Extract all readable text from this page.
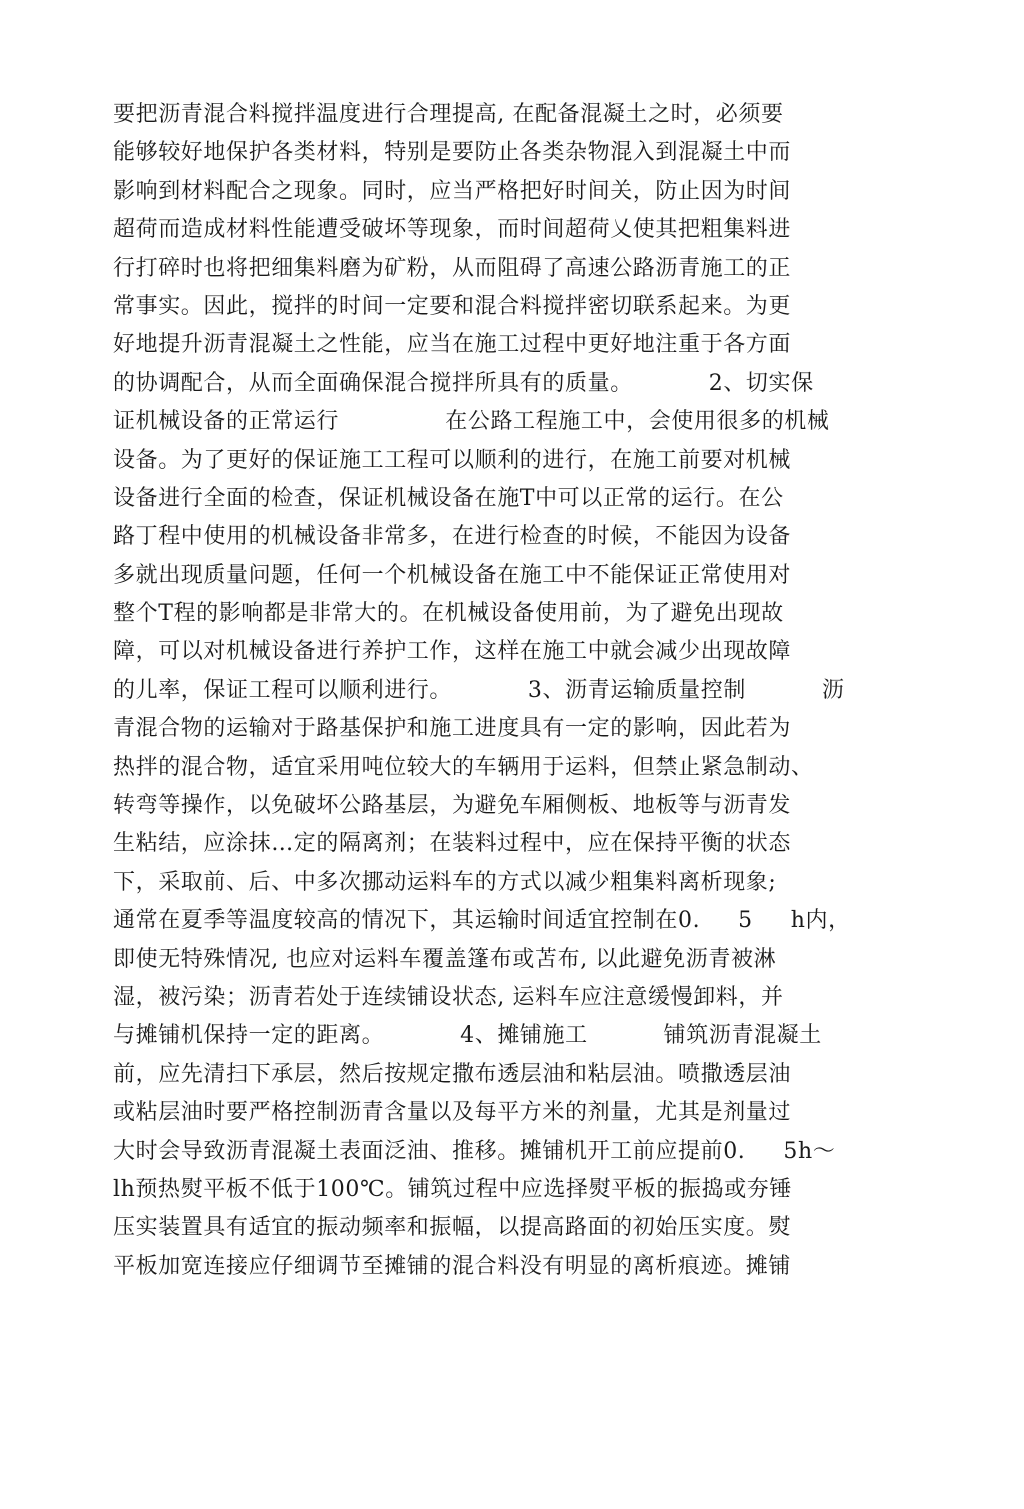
要把沥青混合料搅拌温度进行合理提高, 在配备混凝土之时，必须要
能够较好地保护各类材料，特别是要防止各类杂物混入到混凝土中而
影响到材料配合之现象。同时，应当严格把好时间关，防止因为时间
超荷而造成材料性能遭受破坏等现象，而时间超荷乂使其把粗集料进
行打碎时也将把细集料磨为矿粉，从而阻碍了高速公路沥青施工的正
常事实。因此，搅拌的时间一定要和混合料搅拌密切联系起来。为更
好地提升沥青混凝土之性能，应当在施工过程中更好地注重于各方面
的协调配合，从而全面确保混合搅拌所具有的质量。          2、切实保
证机械设备的正常运行              在公路工程施工中，会使用很多的机械
设备。为了更好的保证施工工程可以顺利的进行，在施工前要对机械
设备进行全面的检查，保证机械设备在施T中可以正常的运行。在公
路丁程中使用的机械设备非常多，在进行检查的时候，不能因为设备
多就出现质量问题，任何一个机械设备在施工中不能保证正常使用对
整个T程的影响都是非常大的。在机械设备使用前，为了避免出现故
障，可以对机械设备进行养护工作，这样在施工中就会减少出现故障
的儿率，保证工程可以顺利进行。          3、沥青运输质量控制          沥
青混合物的运输对于路基保护和施工进度具有一定的影响，因此若为
热拌的混合物，适宜采用吨位较大的车辆用于运料，但禁止紧急制动、
转弯等操作，以免破坏公路基层，为避免车厢侧板、地板等与沥青发
生粘结，应涂抹…定的隔离剂；在装料过程中，应在保持平衡的状态
下，采取前、后、中多次挪动运料车的方式以减少粗集料离析现象;
通常在夏季等温度较高的情况下，其运输时间适宜控制在0.     5     h内，
即使无特殊情况, 也应对运料车覆盖篷布或苫布, 以此避免沥青被淋
湿，被污染；沥青若处于连续铺设状态, 运料车应注意缓慢卸料，并
与摊铺机保持一定的距离。          4、摊铺施工          铺筑沥青混凝土
前，应先清扫下承层，然后按规定撒布透层油和粘层油。喷撒透层油
或粘层油时要严格控制沥青含量以及每平方米的剂量，尤其是剂量过
大时会导致沥青混凝土表面泛油、推移。摊铺机开工前应提前0.     5h～
lh预热熨平板不低于100℃。铺筑过程中应选择熨平板的振捣或夯锤
压实装置具有适宜的振动频率和振幅，以提高路面的初始压实度。熨
平板加宽连接应仔细调节至摊铺的混合料没有明显的离析痕迹。摊铺
